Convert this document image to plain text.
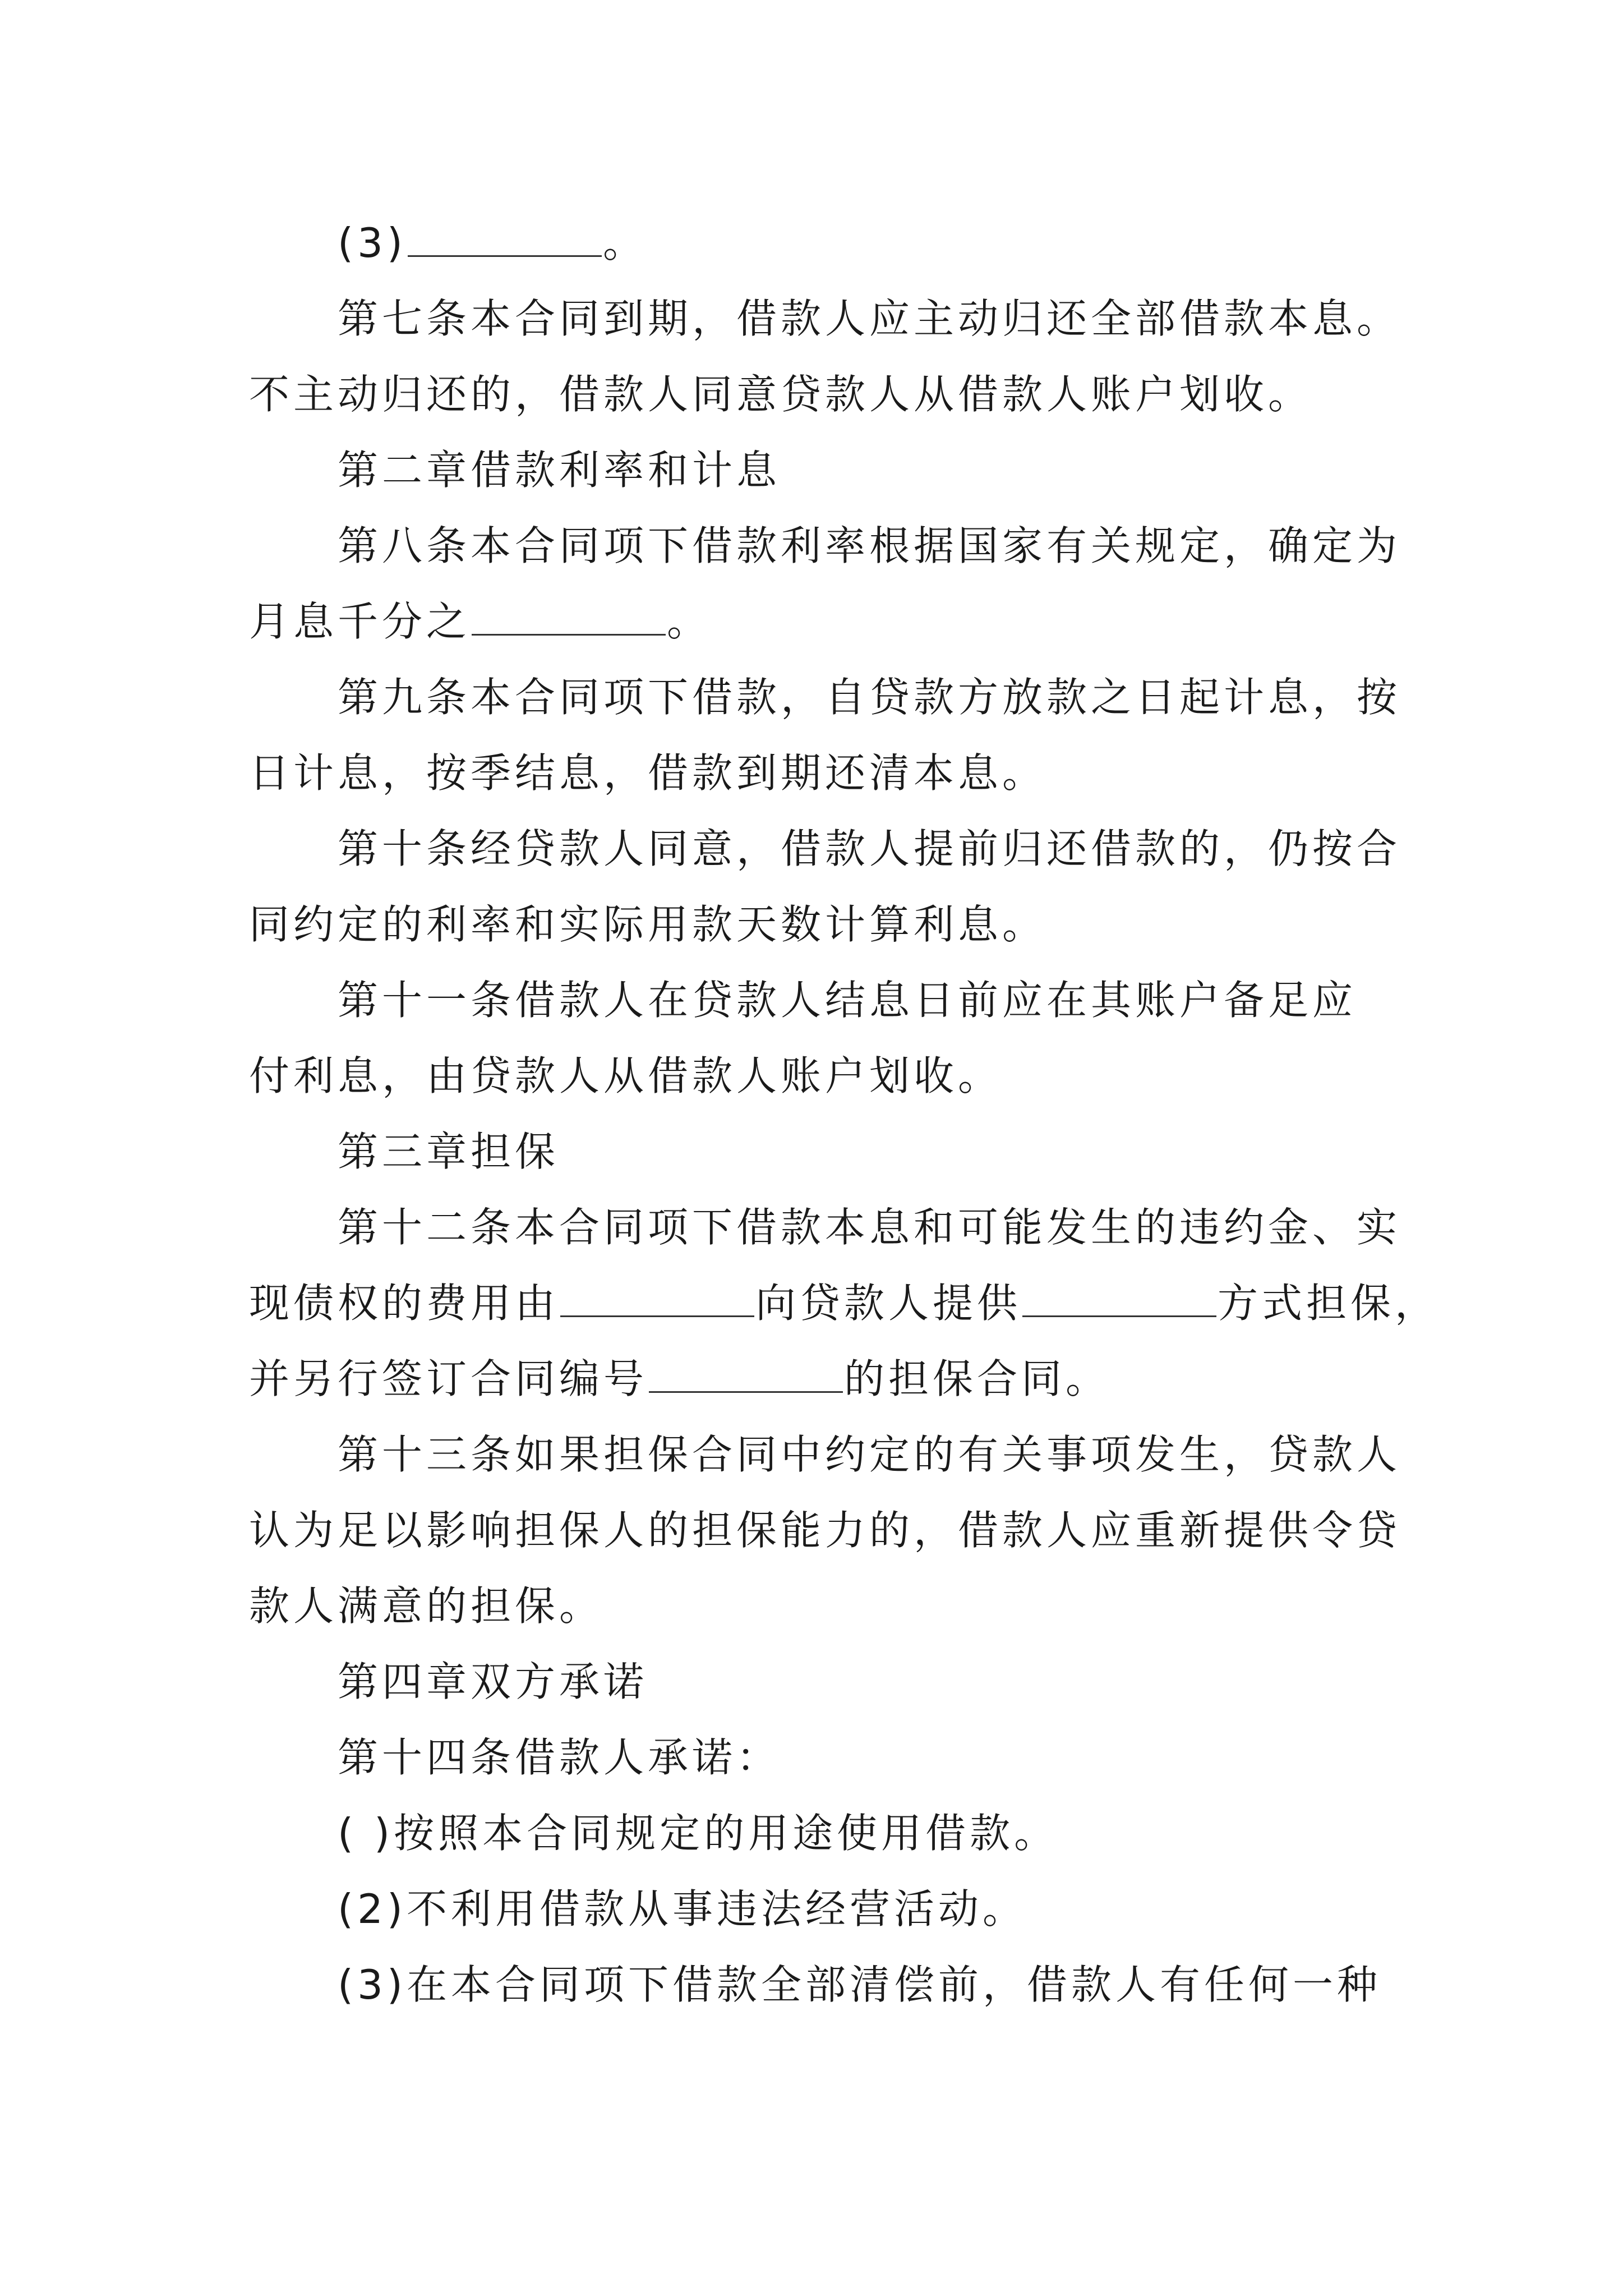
(3)	。
第七条本合同到期，借款人应主动归还全部借款本息。
不主动归还的，借款人同意贷款人从借款人账户划收。
第二章借款利率和计息
第八条本合同项下借款利率根据国家有关规定，确定为
月息千分之	。
第九条本合同项下借款，自贷款方放款之日起计息，按
日计息，按季结息，借款到期还清本息。
第十条经贷款人同意，借款人提前归还借款的，仍按合
同约定的利率和实际用款天数计算利息。
第十一条借款人在贷款人结息日前应在其账户备足应
付利息，由贷款人从借款人账户划收。
第三章担保
第十二条本合同项下借款本息和可能发生的违约金、实
现债权的费用由	向贷款人提供	方式担保，
并另行签订合同编号	的担保合同。
第十三条如果担保合同中约定的有关事项发生，贷款人
认为足以影响担保人的担保能力的，借款人应重新提供令贷
款人满意的担保。
第四章双方承诺
第十四条借款人承诺：
( )按照本合同规定的用途使用借款。
(2)不利用借款从事违法经营活动。
(3)在本合同项下借款全部清偿前，借款人有任何一种
